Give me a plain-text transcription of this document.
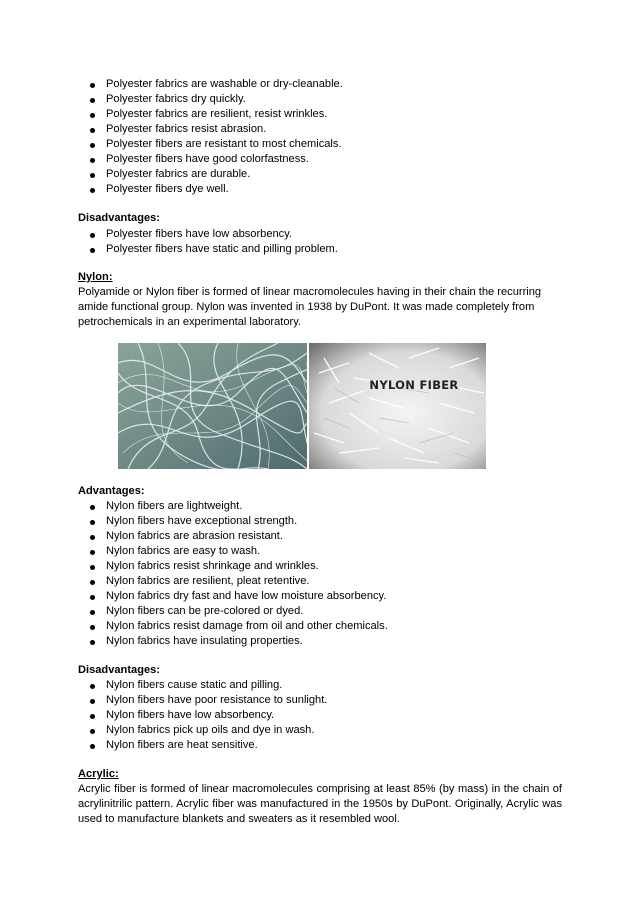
Polyester fabrics are washable or dry-cleanable.
Polyester fabrics dry quickly.
Polyester fabrics are resilient, resist wrinkles.
Polyester fabrics resist abrasion.
Polyester fibers are resistant to most chemicals.
Polyester fibers have good colorfastness.
Polyester fabrics are durable.
Polyester fibers dye well.
Disadvantages:
Polyester fibers have low absorbency.
Polyester fibers have static and pilling problem.
Nylon:
Polyamide or Nylon fiber is formed of linear macromolecules having in their chain the recurring amide functional group. Nylon was invented in 1938 by DuPont. It was made completely from petrochemicals in an experimental laboratory.
NYLON FIBER
Advantages:
Nylon fibers are lightweight.
Nylon fibers have exceptional strength.
Nylon fabrics are abrasion resistant.
Nylon fabrics are easy to wash.
Nylon fabrics resist shrinkage and wrinkles.
Nylon fabrics are resilient, pleat retentive.
Nylon fabrics dry fast and have low moisture absorbency.
Nylon fibers can be pre-colored or dyed.
Nylon fabrics resist damage from oil and other chemicals.
Nylon fabrics have insulating properties.
Disadvantages:
Nylon fibers cause static and pilling.
Nylon fibers have poor resistance to sunlight.
Nylon fibers have low absorbency.
Nylon fabrics pick up oils and dye in wash.
Nylon fibers are heat sensitive.
Acrylic:
Acrylic fiber is formed of linear macromolecules comprising at least 85% (by mass) in the chain of acrylinitrilic pattern. Acrylic fiber was manufactured in the 1950s by DuPont. Originally, Acrylic was used to manufacture blankets and sweaters as it resembled wool.
